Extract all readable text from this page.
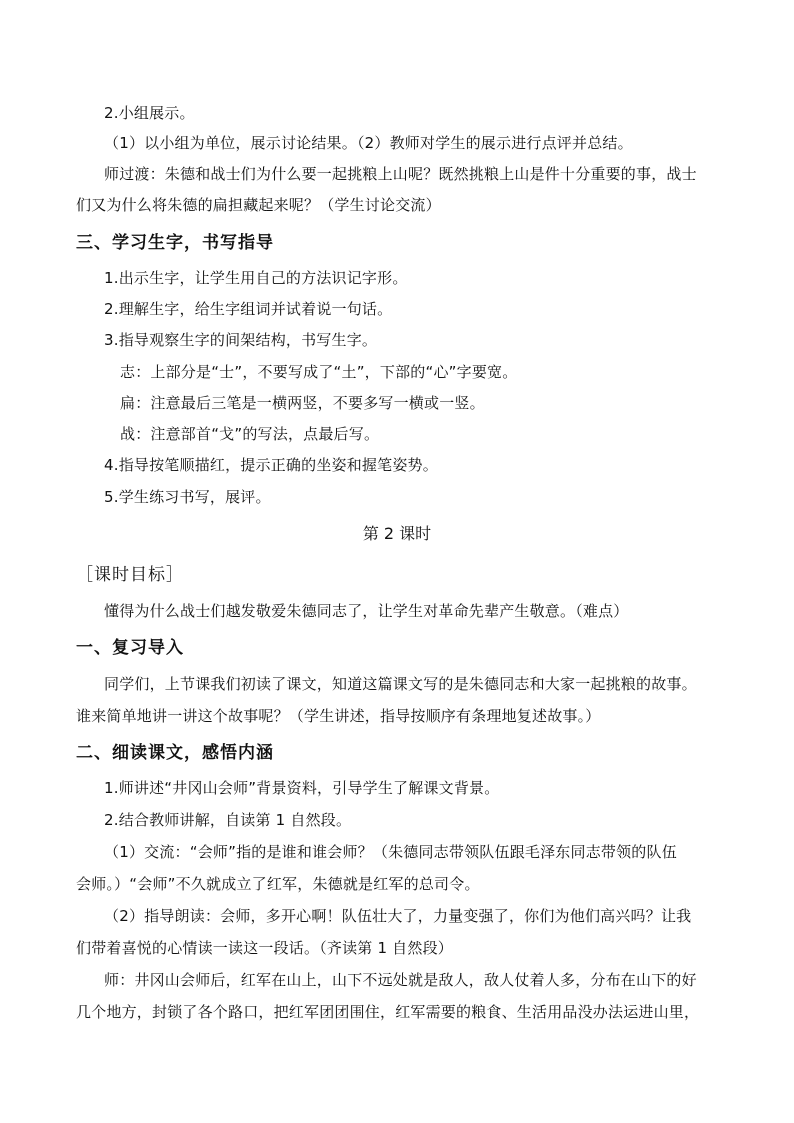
2.小组展示。
（1）以小组为单位，展示讨论结果。（2）教师对学生的展示进行点评并总结。
师过渡：朱德和战士们为什么要一起挑粮上山呢？既然挑粮上山是件十分重要的事，战士
们又为什么将朱德的扁担藏起来呢？（学生讨论交流）
三、学习生字，书写指导
1.出示生字，让学生用自己的方法识记字形。
2.理解生字，给生字组词并试着说一句话。
3.指导观察生字的间架结构，书写生字。
志：上部分是“士”，不要写成了“土”，下部的“心”字要宽。
扁：注意最后三笔是一横两竖，不要多写一横或一竖。
战：注意部首“戈”的写法，点最后写。
4.指导按笔顺描红，提示正确的坐姿和握笔姿势。
5.学生练习书写，展评。
第 2 课时
［课时目标］
懂得为什么战士们越发敬爱朱德同志了，让学生对革命先辈产生敬意。（难点）
一、复习导入
同学们，上节课我们初读了课文，知道这篇课文写的是朱德同志和大家一起挑粮的故事。
谁来简单地讲一讲这个故事呢？（学生讲述，指导按顺序有条理地复述故事。）
二、细读课文，感悟内涵
1.师讲述“井冈山会师”背景资料，引导学生了解课文背景。
2.结合教师讲解，自读第 1 自然段。
（1）交流：“会师”指的是谁和谁会师？（朱德同志带领队伍跟毛泽东同志带领的队伍
会师。）“会师”不久就成立了红军，朱德就是红军的总司令。
（2）指导朗读：会师，多开心啊！队伍壮大了，力量变强了，你们为他们高兴吗？让我
们带着喜悦的心情读一读这一段话。（齐读第 1 自然段）
师：井冈山会师后，红军在山上，山下不远处就是敌人，敌人仗着人多，分布在山下的好
几个地方，封锁了各个路口，把红军团团围住，红军需要的粮食、生活用品没办法运进山里，
